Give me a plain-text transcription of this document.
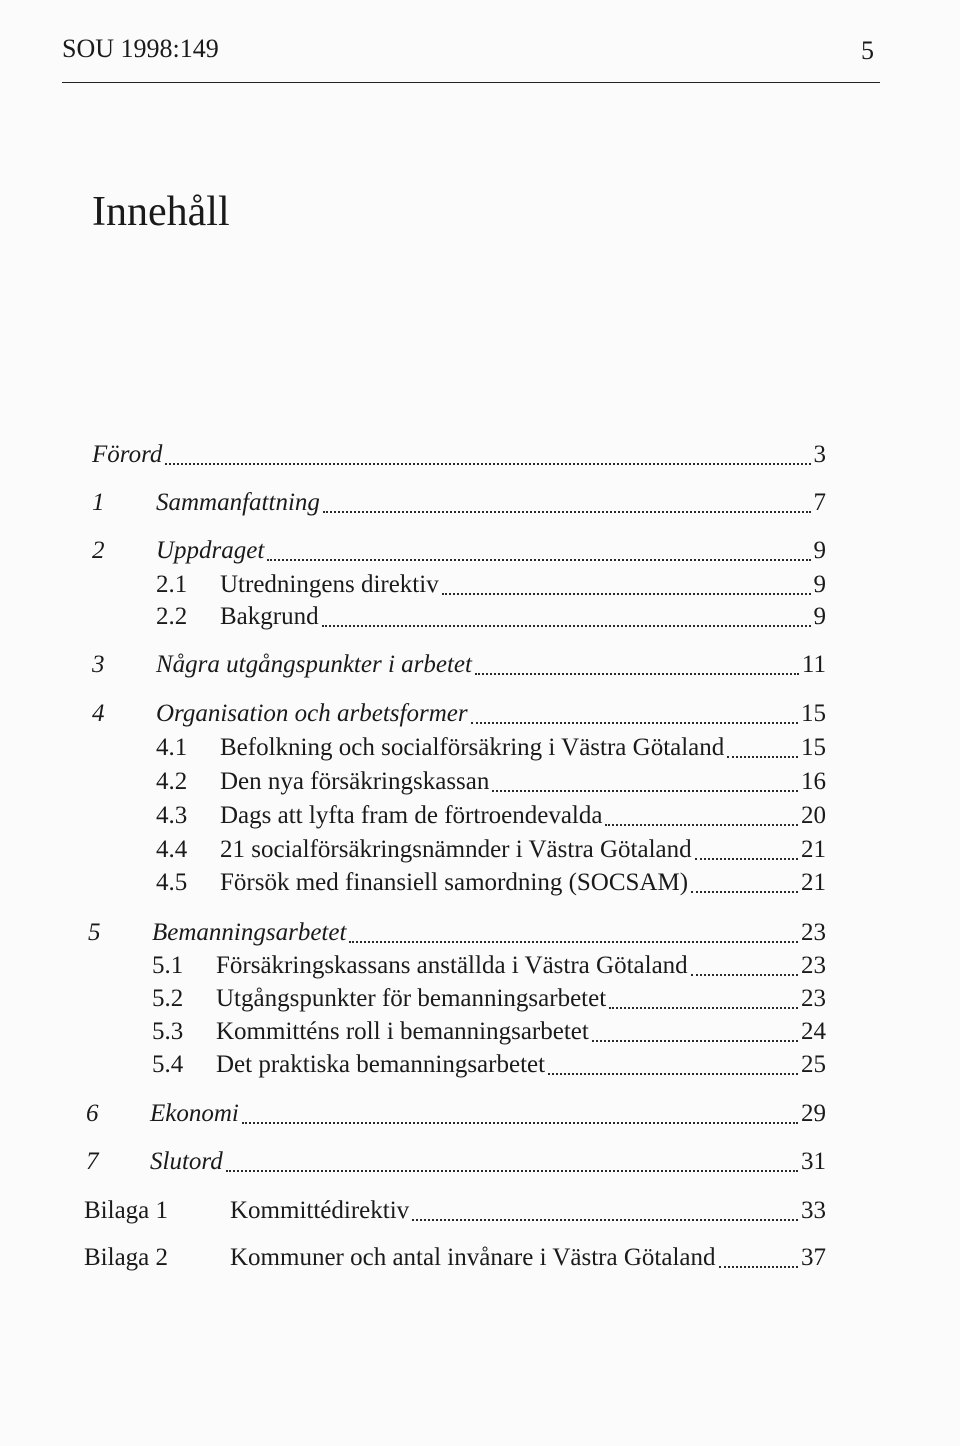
SOU 1998:149	5
Innehåll
Förord	3
1 Sammanfattning	7
2 Uppdraget	9
2.1 Utredningens direktiv	9
2.2 Bakgrund	9
3 Några utgångspunkter i arbetet	11
4 Organisation och arbetsformer	15
4.1 Befolkning och socialförsäkring i Västra Götaland	15
4.2 Den nya försäkringskassan	16
4.3 Dags att lyfta fram de förtroendevalda	20
4.4 21 socialförsäkringsnämnder i Västra Götaland	21
4.5 Försök med finansiell samordning (SOCSAM)	21
5 Bemanningsarbetet	23
5.1 Försäkringskassans anställda i Västra Götaland	23
5.2 Utgångspunkter för bemanningsarbetet	23
5.3 Kommitténs roll i bemanningsarbetet	24
5.4 Det praktiska bemanningsarbetet	25
6 Ekonomi	29
7 Slutord	31
Bilaga 1 Kommittédirektiv	33
Bilaga 2 Kommuner och antal invånare i Västra Götaland	37
